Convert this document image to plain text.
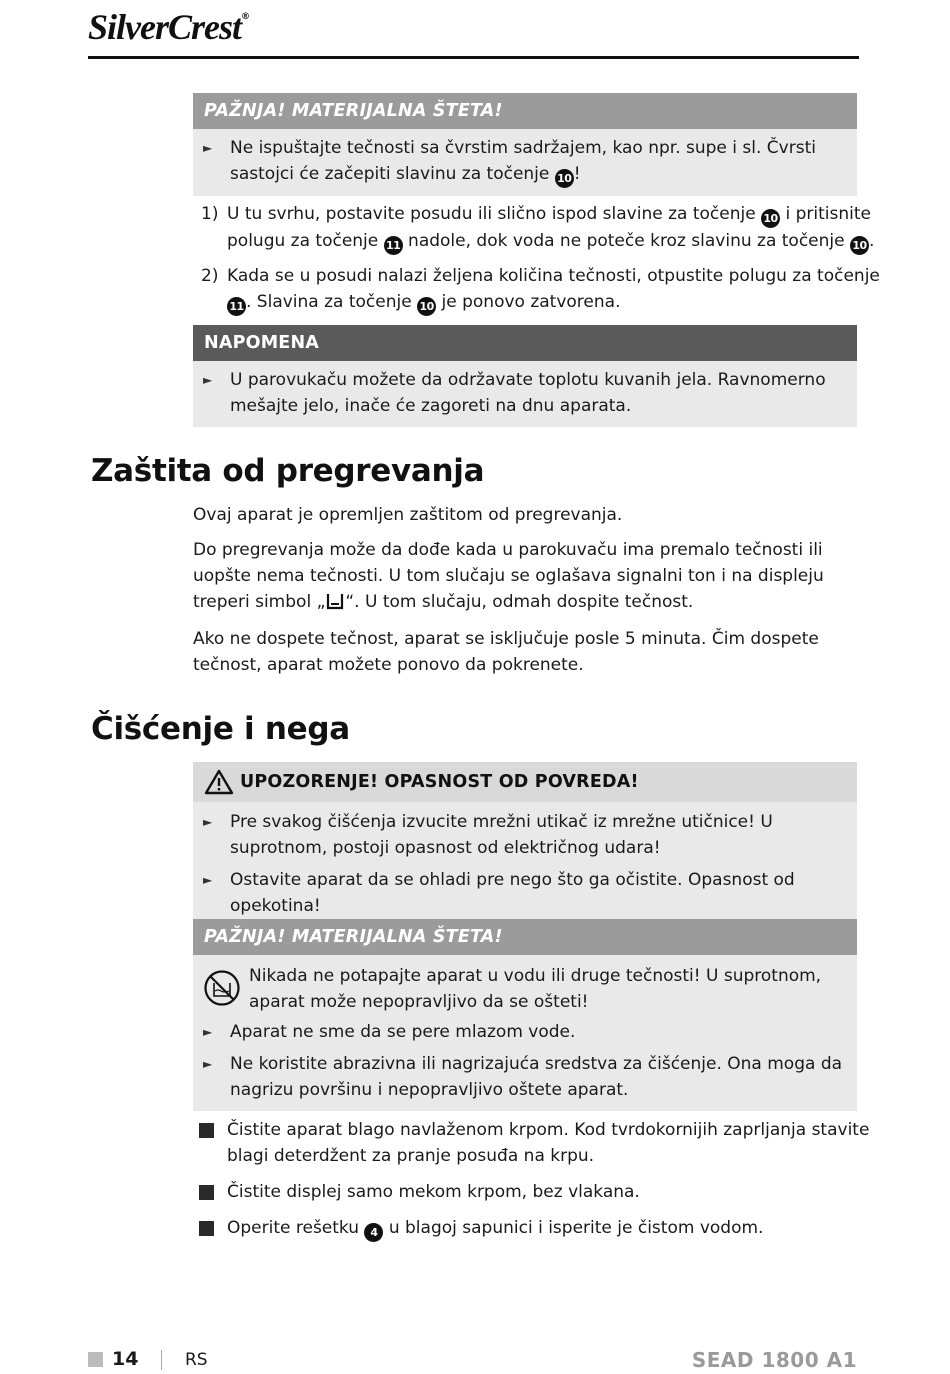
SilverCrest®
PAŽNJA! MATERIJALNA ŠTETA!
► Ne ispuštajte tečnosti sa čvrstim sadržajem, kao npr. supe i sl. Čvrsti sastojci će začepiti slavinu za točenje 10 !
1) U tu svrhu, postavite posudu ili slično ispod slavine za točenje 10 i pritisnite polugu za točenje 11 nadole, dok voda ne poteče kroz slavinu za točenje 10 .
2) Kada se u posudi nalazi željena količina tečnosti, otpustite polugu za točenje 11 . Slavina za točenje 10 je ponovo zatvorena.
NAPOMENA
► U parovukaču možete da održavate toplotu kuvanih jela. Ravnomerno mešajte jelo, inače će zagoreti na dnu aparata.
Zaštita od pregrevanja
Ovaj aparat je opremljen zaštitom od pregrevanja.
Do pregrevanja može da dođe kada u parokuvaču ima premalo tečnosti ili uopšte nema tečnosti. U tom slučaju se oglašava signalni ton i na displeju treperi simbol „ “. U tom slučaju, odmah dospite tečnost.
Ako ne dospete tečnost, aparat se isključuje posle 5 minuta. Čim dospete tečnost, aparat možete ponovo da pokrenete.
Čišćenje i nega
UPOZORENJE! OPASNOST OD POVREDA!
► Pre svakog čišćenja izvucite mrežni utikač iz mrežne utičnice! U suprotnom, postoji opasnost od električnog udara!
► Ostavite aparat da se ohladi pre nego što ga očistite. Opasnost od opekotina!
PAŽNJA! MATERIJALNA ŠTETA!
Nikada ne potapajte aparat u vodu ili druge tečnosti! U suprotnom, aparat može nepopravljivo da se ošteti!
► Aparat ne sme da se pere mlazom vode.
► Ne koristite abrazivna ili nagrizajuća sredstva za čišćenje. Ona moga da nagrizu površinu i nepopravljivo oštete aparat.
Čistite aparat blago navlaženom krpom. Kod tvrdokornijih zaprljanja stavite blagi deterdžent za pranje posuđa na krpu.
Čistite displej samo mekom krpom, bez vlakana.
Operite rešetku 4 u blagoj sapunici i isperite je čistom vodom.
14	RS	SEAD 1800 A1
